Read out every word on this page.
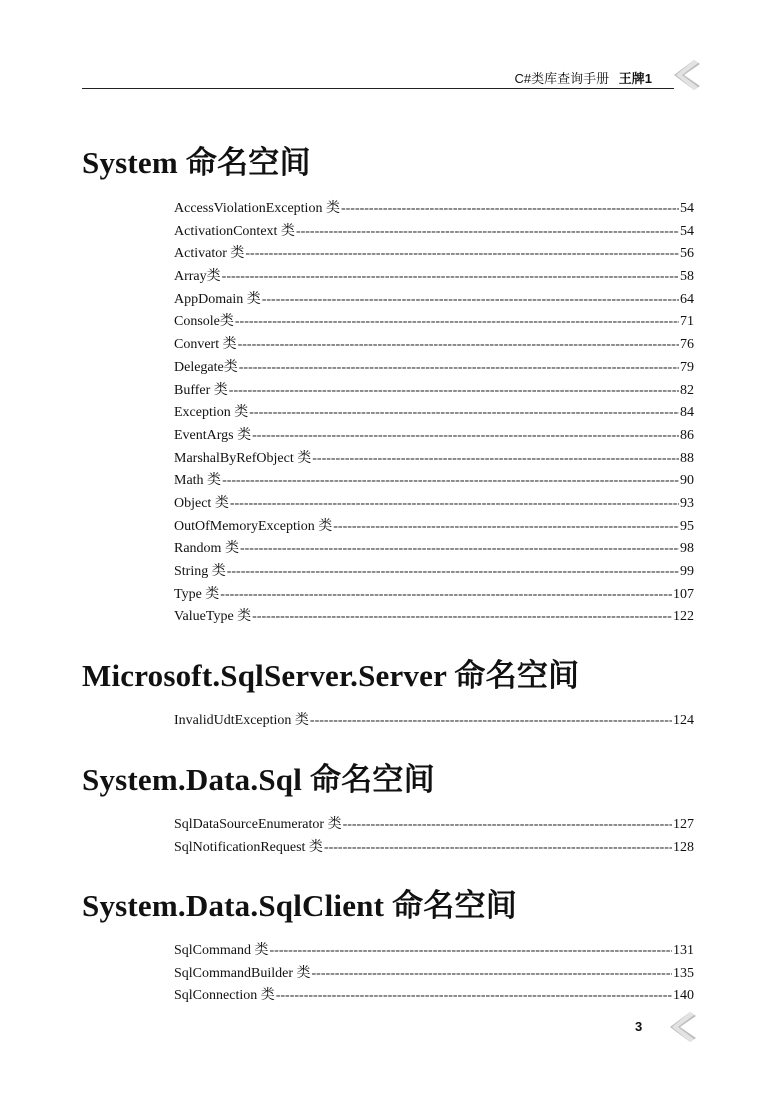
C#类库查询手册 王牌1
System 命名空间
AccessViolationException 类 -----	54
ActivationContext 类 -----	54
Activator 类 -----	56
Array类 -----	58
AppDomain 类 -----	64
Console类 -----	71
Convert 类 -----	76
Delegate类 -----	79
Buffer 类 -----	82
Exception 类 -----	84
EventArgs 类 -----	86
MarshalByRefObject 类 -----	88
Math 类 -----	90
Object 类 -----	93
OutOfMemoryException 类 -----	95
Random 类 -----	98
String 类 -----	99
Type 类 -----	107
ValueType 类 -----	122
Microsoft.SqlServer.Server 命名空间
InvalidUdtException 类 -----	124
System.Data.Sql 命名空间
SqlDataSourceEnumerator 类 -----	127
SqlNotificationRequest 类 -----	128
System.Data.SqlClient 命名空间
SqlCommand 类 -----	131
SqlCommandBuilder 类 -----	135
SqlConnection 类 -----	140
3
